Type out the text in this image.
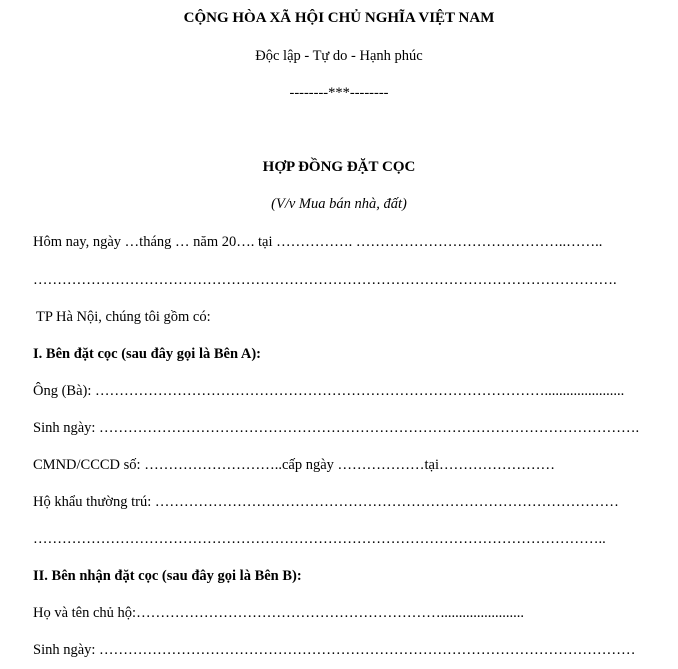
CỘNG HÒA XÃ HỘI CHỦ NGHĨA VIỆT NAM
Độc lập - Tự do - Hạnh phúc
--------***--------
HỢP ĐỒNG ĐẶT CỌC
(V/v Mua bán nhà, đất)
Hôm nay, ngày …tháng … năm 20…. tại ……………. ……………………………………..……..
………………………………………………………………………………………………………….
TP Hà Nội, chúng tôi gồm có:
I. Bên đặt cọc (sau đây gọi là Bên A):
Ông (Bà): …………………………………………………………………………………......................
Sinh ngày: ………………………………………………………………………………………………….
CMND/CCCD số: ………………………..cấp ngày ………………tại……………………
Hộ khẩu thường trú: ……………………………………………………………………………………
………………………………………………………………………………………………………..
II. Bên nhận đặt cọc (sau đây gọi là Bên B):
Họ và tên chủ hộ:……………………………………………………….......................
Sinh ngày: …………………………………………………………………………………………………
